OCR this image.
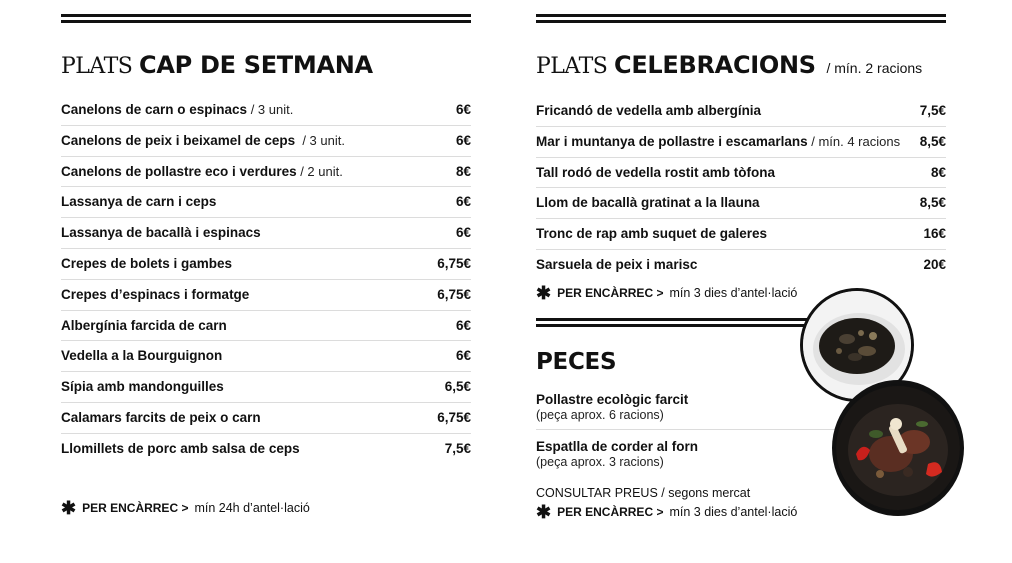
PLATS CAP DE SETMANA
Canelons de carn o espinacs / 3 unit.	6€
Canelons de peix i beixamel de ceps  / 3 unit.	6€
Canelons de pollastre eco i verdures / 2 unit.	8€
Lassanya de carn i ceps	6€
Lassanya de bacallà i espinacs	6€
Crepes de bolets i gambes	6,75€
Crepes d’espinacs i formatge	6,75€
Albergínia farcida de carn	6€
Vedella a la Bourguignon	6€
Sípia amb mandonguilles	6,5€
Calamars farcits de peix o carn	6,75€
Llomillets de porc amb salsa de ceps	7,5€
✱ PER ENCÀRREC > mín 24h d’antel·lació
PLATS CELEBRACIONS / mín. 2 racions
Fricandó de vedella amb albergínia	7,5€
Mar i muntanya de pollastre i escamarlans / mín. 4 racions 8,5€
Tall rodó de vedella rostit amb tòfona	8€
Llom de bacallà gratinat a la llauna	8,5€
Tronc de rap amb suquet de galeres	16€
Sarsuela de peix i marisc	20€
✱ PER ENCÀRREC > mín 3 dies d’antel·lació
PECES
Pollastre ecològic farcit
(peça aprox. 6 racions)
Espatlla de corder al forn
(peça aprox. 3 racions)
CONSULTAR PREUS / segons mercat
✱ PER ENCÀRREC > mín 3 dies d’antel·lació
